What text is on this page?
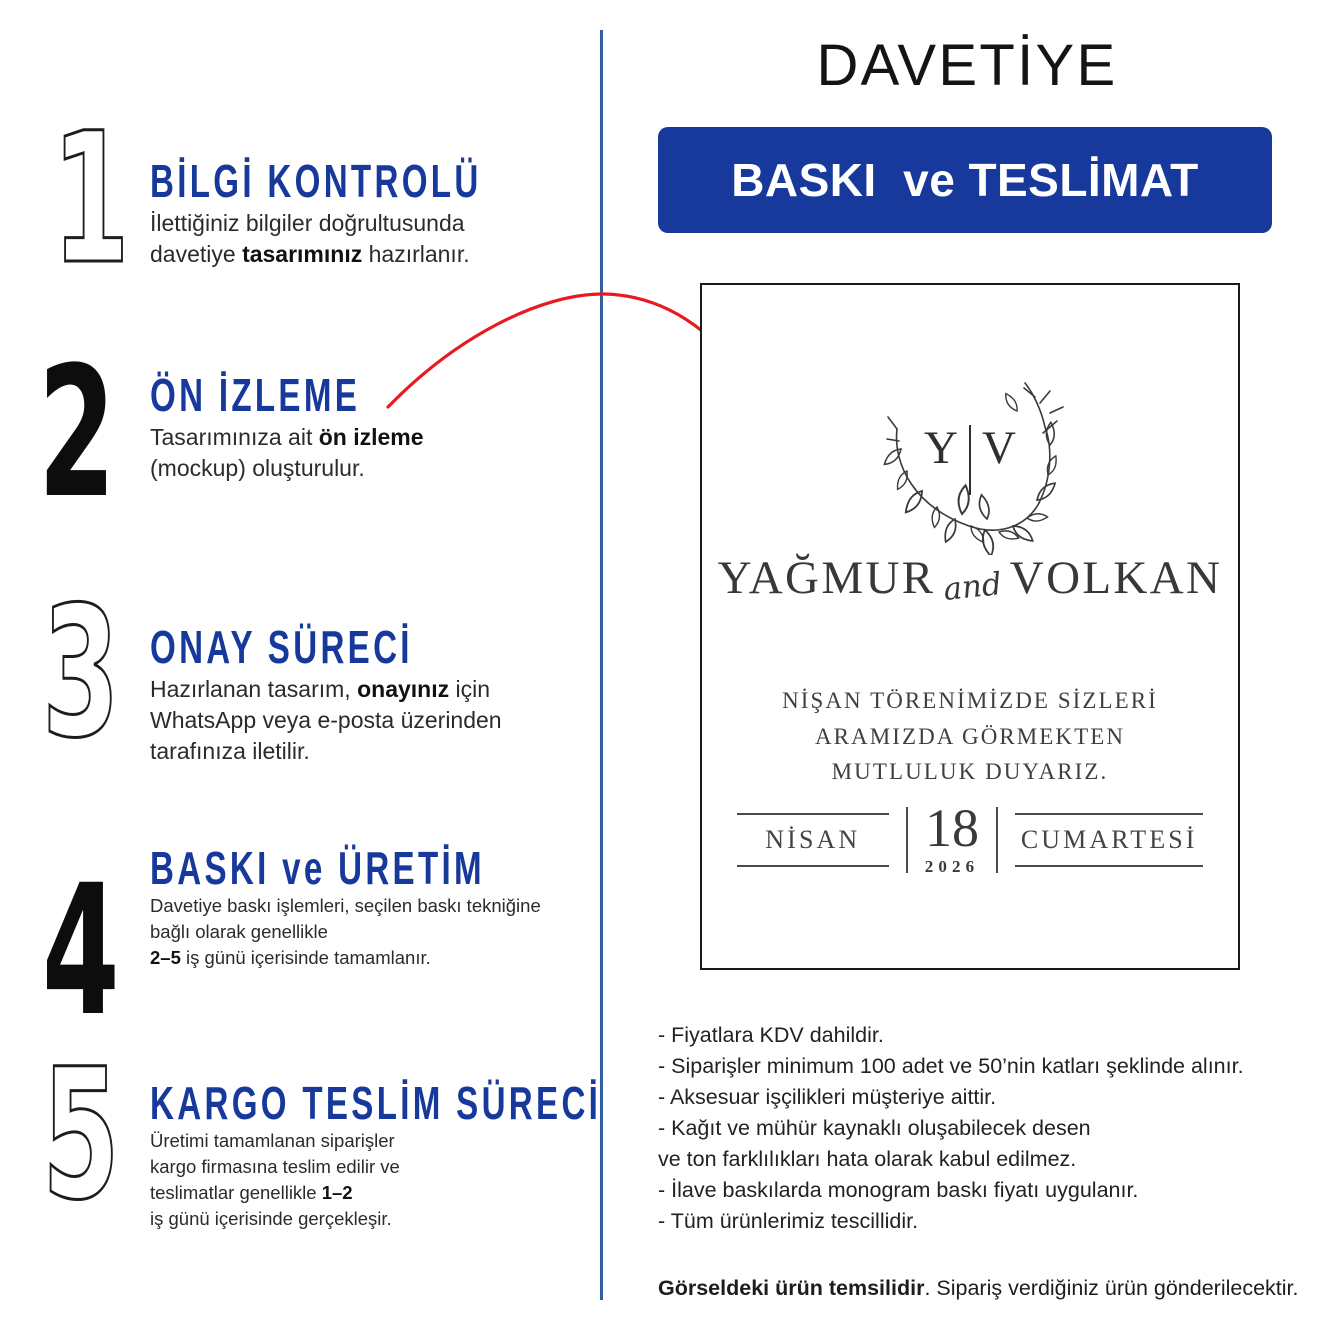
1 BİLGİ KONTROLÜ
İlettiğiniz bilgiler doğrultusunda
davetiye tasarımınız hazırlanır.
2 ÖN İZLEME
Tasarımınıza ait ön izleme
(mockup) oluşturulur.
3 ONAY SÜRECİ
Hazırlanan tasarım, onayınız için
WhatsApp veya e-posta üzerinden
tarafınıza iletilir.
4 BASKI ve ÜRETİM
Davetiye baskı işlemleri, seçilen baskı tekniğine
bağlı olarak genellikle
2–5 iş günü içerisinde tamamlanır.
5 KARGO TESLİM SÜRECİ
Üretimi tamamlanan siparişler
kargo firmasına teslim edilir ve
teslimatlar genellikle 1–2
iş günü içerisinde gerçekleşir.
DAVETİYE
BASKI  ve TESLİMAT
Y V
YAĞMUR and VOLKAN
NİŞAN TÖRENİMİZDE SİZLERİ
ARAMIZDA GÖRMEKTEN
MUTLULUK DUYARIZ.
NİSAN	18
2026
CUMARTESİ
- Fiyatlara KDV dahildir.
- Siparişler minimum 100 adet ve 50’nin katları şeklinde alınır.
- Aksesuar işçilikleri müşteriye aittir.
- Kağıt ve mühür kaynaklı oluşabilecek desen
ve ton farklılıkları hata olarak kabul edilmez.
- İlave baskılarda monogram baskı fiyatı uygulanır.
- Tüm ürünlerimiz tescillidir.
Görseldeki ürün temsilidir. Sipariş verdiğiniz ürün gönderilecektir.
